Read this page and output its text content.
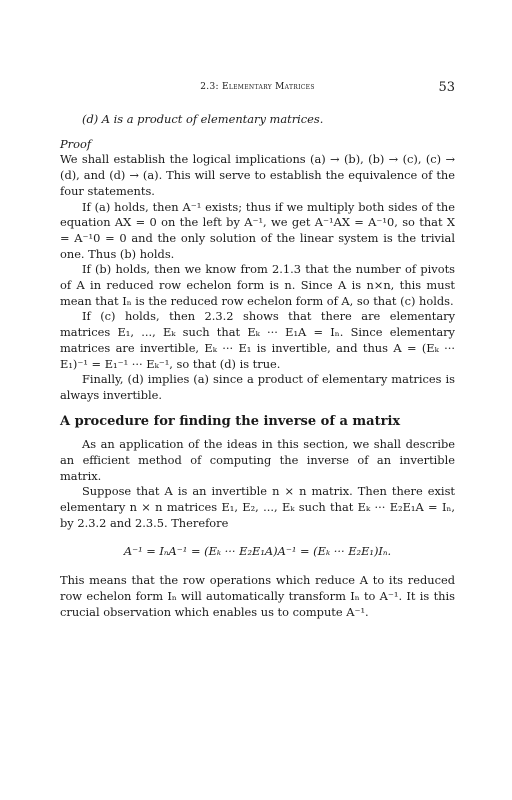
2.3: Elementary Matrices	53

(d) A is a product of elementary matrices.

Proof

We shall establish the logical implications (a) → (b), (b) → (c), (c) → (d), and (d) → (a). This will serve to establish the equivalence of the four statements.

If (a) holds, then A⁻¹ exists; thus if we multiply both sides of the equation AX = 0 on the left by A⁻¹, we get A⁻¹AX = A⁻¹0, so that X = A⁻¹0 = 0 and the only solution of the linear system is the trivial one. Thus (b) holds.

If (b) holds, then we know from 2.1.3 that the number of pivots of A in reduced row echelon form is n. Since A is n×n, this must mean that Iₙ is the reduced row echelon form of A, so that (c) holds.

If (c) holds, then 2.3.2 shows that there are elementary matrices E₁, ..., Eₖ such that Eₖ ··· E₁A = Iₙ. Since elementary matrices are invertible, Eₖ ··· E₁ is invertible, and thus A = (Eₖ ··· E₁)⁻¹ = E₁⁻¹ ··· Eₖ⁻¹, so that (d) is true.

Finally, (d) implies (a) since a product of elementary matrices is always invertible.

A procedure for finding the inverse of a matrix

As an application of the ideas in this section, we shall describe an efficient method of computing the inverse of an invertible matrix.

Suppose that A is an invertible n × n matrix. Then there exist elementary n × n matrices E₁, E₂, ..., Eₖ such that Eₖ ··· E₂E₁A = Iₙ, by 2.3.2 and 2.3.5. Therefore

A⁻¹ = IₙA⁻¹ = (Eₖ ··· E₂E₁A)A⁻¹ = (Eₖ ··· E₂E₁)Iₙ.

This means that the row operations which reduce A to its reduced row echelon form Iₙ will automatically transform Iₙ to A⁻¹. It is this crucial observation which enables us to compute A⁻¹.
